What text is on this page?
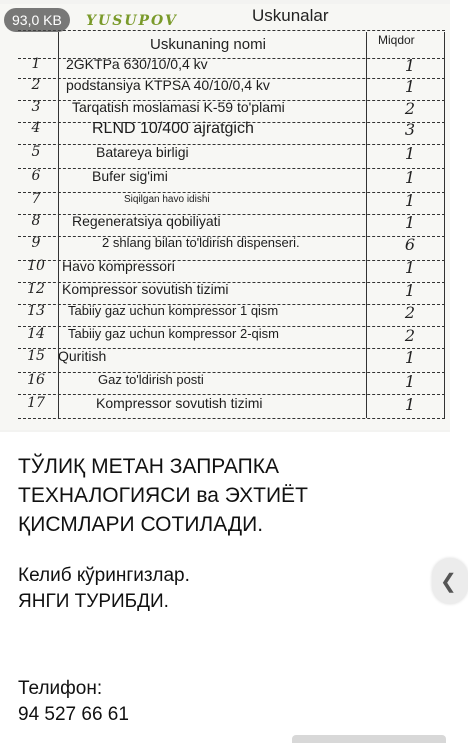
93,0 KB	YUSUPOV	Uskunalar
Uskunaning nomi	Miqdor
1	2GKTPa 630/10/0,4 kv	1
2	podstansiya KTPSA 40/10/0,4 kv	1
3	Tarqatish moslamasi K-59 to'plami	2
4	RLND 10/400 ajratgich	3
5	Batareya birligi	1
6	Bufer sig'imi	1
7	Siqilgan havo idishi	1
8	Regeneratsiya qobiliyati	1
9	2 shlang bilan to'ldirish dispenseri.	6
10	Havo kompressori	1
12	Kompressor sovutish tizimi	1
13	Tabiiy gaz uchun kompressor 1 qism	2
14	Tabiiy gaz uchun kompressor 2-qism	2
15 Quritish	1
16	Gaz to'ldirish posti	1
17	Kompressor sovutish tizimi	1
ТЎЛИҚ МЕТАН ЗАПРАПКА
ТЕХНАЛОГИЯСИ ва ЭХТИЁТ
ҚИСМЛАРИ СОТИЛАДИ.
Келиб кўрингизлар.
ЯНГИ ТУРИБДИ.
Телифон:
94 527 66 61
❮
